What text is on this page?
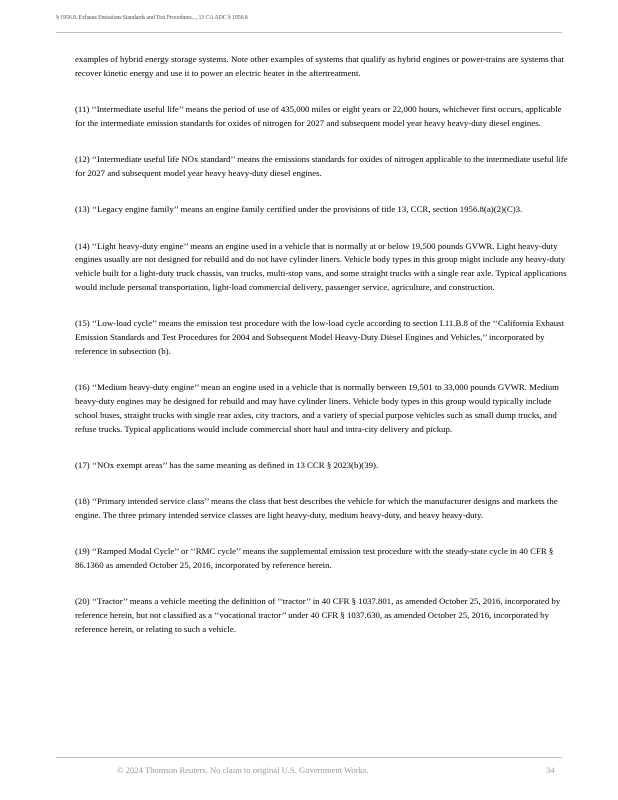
§ 1956.8. Exhaust Emissions Standards and Test Procedures..., 13 CA ADC § 1956.8

examples of hybrid energy storage systems. Note other examples of systems that qualify as hybrid engines or power-trains are systems that recover kinetic energy and use it to power an electric heater in the aftertreatment.

(11) ‘‘Intermediate useful life’’ means the period of use of 435,000 miles or eight years or 22,000 hours, whichever first occurs, applicable for the intermediate emission standards for oxides of nitrogen for 2027 and subsequent model year heavy heavy-duty diesel engines.

(12) ‘‘Intermediate useful life NOx standard’’ means the emissions standards for oxides of nitrogen applicable to the intermediate useful life for 2027 and subsequent model year heavy heavy-duty diesel engines.

(13) ‘‘Legacy engine family’’ means an engine family certified under the provisions of title 13, CCR, section 1956.8(a)(2)(C)3.

(14) ‘‘Light heavy-duty engine’’ means an engine used in a vehicle that is normally at or below 19,500 pounds GVWR. Light heavy-duty engines usually are not designed for rebuild and do not have cylinder liners. Vehicle body types in this group might include any heavy-duty vehicle built for a light-duty truck chassis, van trucks, multi-stop vans, and some straight trucks with a single rear axle. Typical applications would include personal transportation, light-load commercial delivery, passenger service, agriculture, and construction.

(15) ‘‘Low-load cycle’’ means the emission test procedure with the low-load cycle according to section I.11.B.8 of the ‘‘California Exhaust Emission Standards and Test Procedures for 2004 and Subsequent Model Heavy-Duty Diesel Engines and Vehicles,’’ incorporated by reference in subsection (b).

(16) ‘‘Medium heavy-duty engine’’ mean an engine used in a vehicle that is normally between 19,501 to 33,000 pounds GVWR. Medium heavy-duty engines may be designed for rebuild and may have cylinder liners. Vehicle body types in this group would typically include school buses, straight trucks with single rear axles, city tractors, and a variety of special purpose vehicles such as small dump trucks, and refuse trucks. Typical applications would include commercial short haul and intra-city delivery and pickup.

(17) ‘‘NOx exempt areas’’ has the same meaning as defined in 13 CCR § 2023(b)(39).

(18) ‘‘Primary intended service class’’ means the class that best describes the vehicle for which the manufacturer designs and markets the engine. The three primary intended service classes are light heavy-duty, medium heavy-duty, and heavy heavy-duty.

(19) ‘‘Ramped Modal Cycle’’ or ‘‘RMC cycle’’ means the supplemental emission test procedure with the steady-state cycle in 40 CFR § 86.1360 as amended October 25, 2016, incorporated by reference herein.

(20) ‘‘Tractor’’ means a vehicle meeting the definition of ‘‘tractor’’ in 40 CFR § 1037.801, as amended October 25, 2016, incorporated by reference herein, but not classified as a ‘‘vocational tractor’’ under 40 CFR § 1037.630, as amended October 25, 2016, incorporated by reference herein, or relating to such a vehicle.

© 2024 Thomson Reuters. No claim to original U.S. Government Works.	34
